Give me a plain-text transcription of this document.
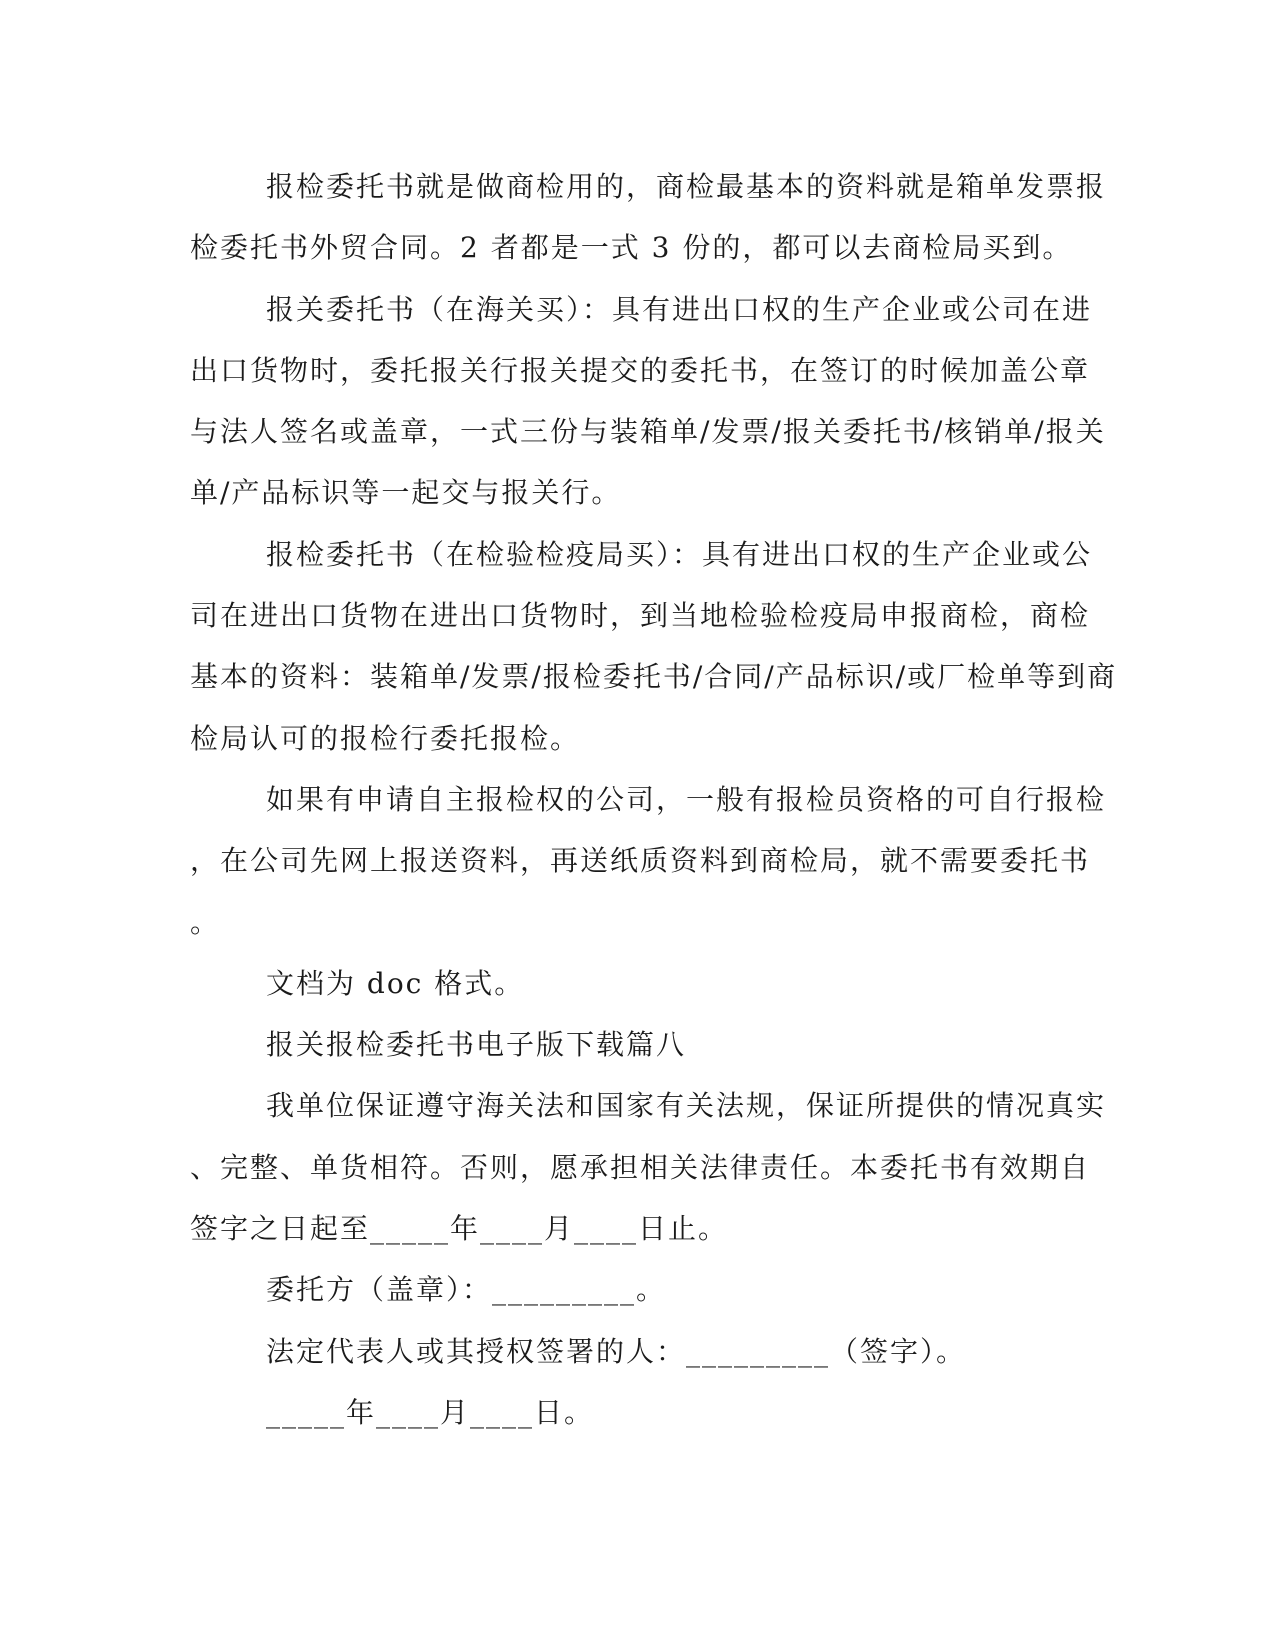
报检委托书就是做商检用的，商检最基本的资料就是箱单发票报
检委托书外贸合同。2 者都是一式 3 份的，都可以去商检局买到。

报关委托书（在海关买）：具有进出口权的生产企业或公司在进
出口货物时，委托报关行报关提交的委托书，在签订的时候加盖公章
与法人签名或盖章，一式三份与装箱单/发票/报关委托书/核销单/报关
单/产品标识等一起交与报关行。

报检委托书（在检验检疫局买）：具有进出口权的生产企业或公
司在进出口货物在进出口货物时，到当地检验检疫局申报商检，商检
基本的资料：装箱单/发票/报检委托书/合同/产品标识/或厂检单等到商
检局认可的报检行委托报检。

如果有申请自主报检权的公司，一般有报检员资格的可自行报检
，在公司先网上报送资料，再送纸质资料到商检局，就不需要委托书
。

文档为 doc 格式。

报关报检委托书电子版下载篇八

我单位保证遵守海关法和国家有关法规，保证所提供的情况真实
、完整、单货相符。否则，愿承担相关法律责任。本委托书有效期自
签字之日起至_____年____月____日止。

委托方（盖章）：_________。

法定代表人或其授权签署的人：_________（签字）。

_____年____月____日。
